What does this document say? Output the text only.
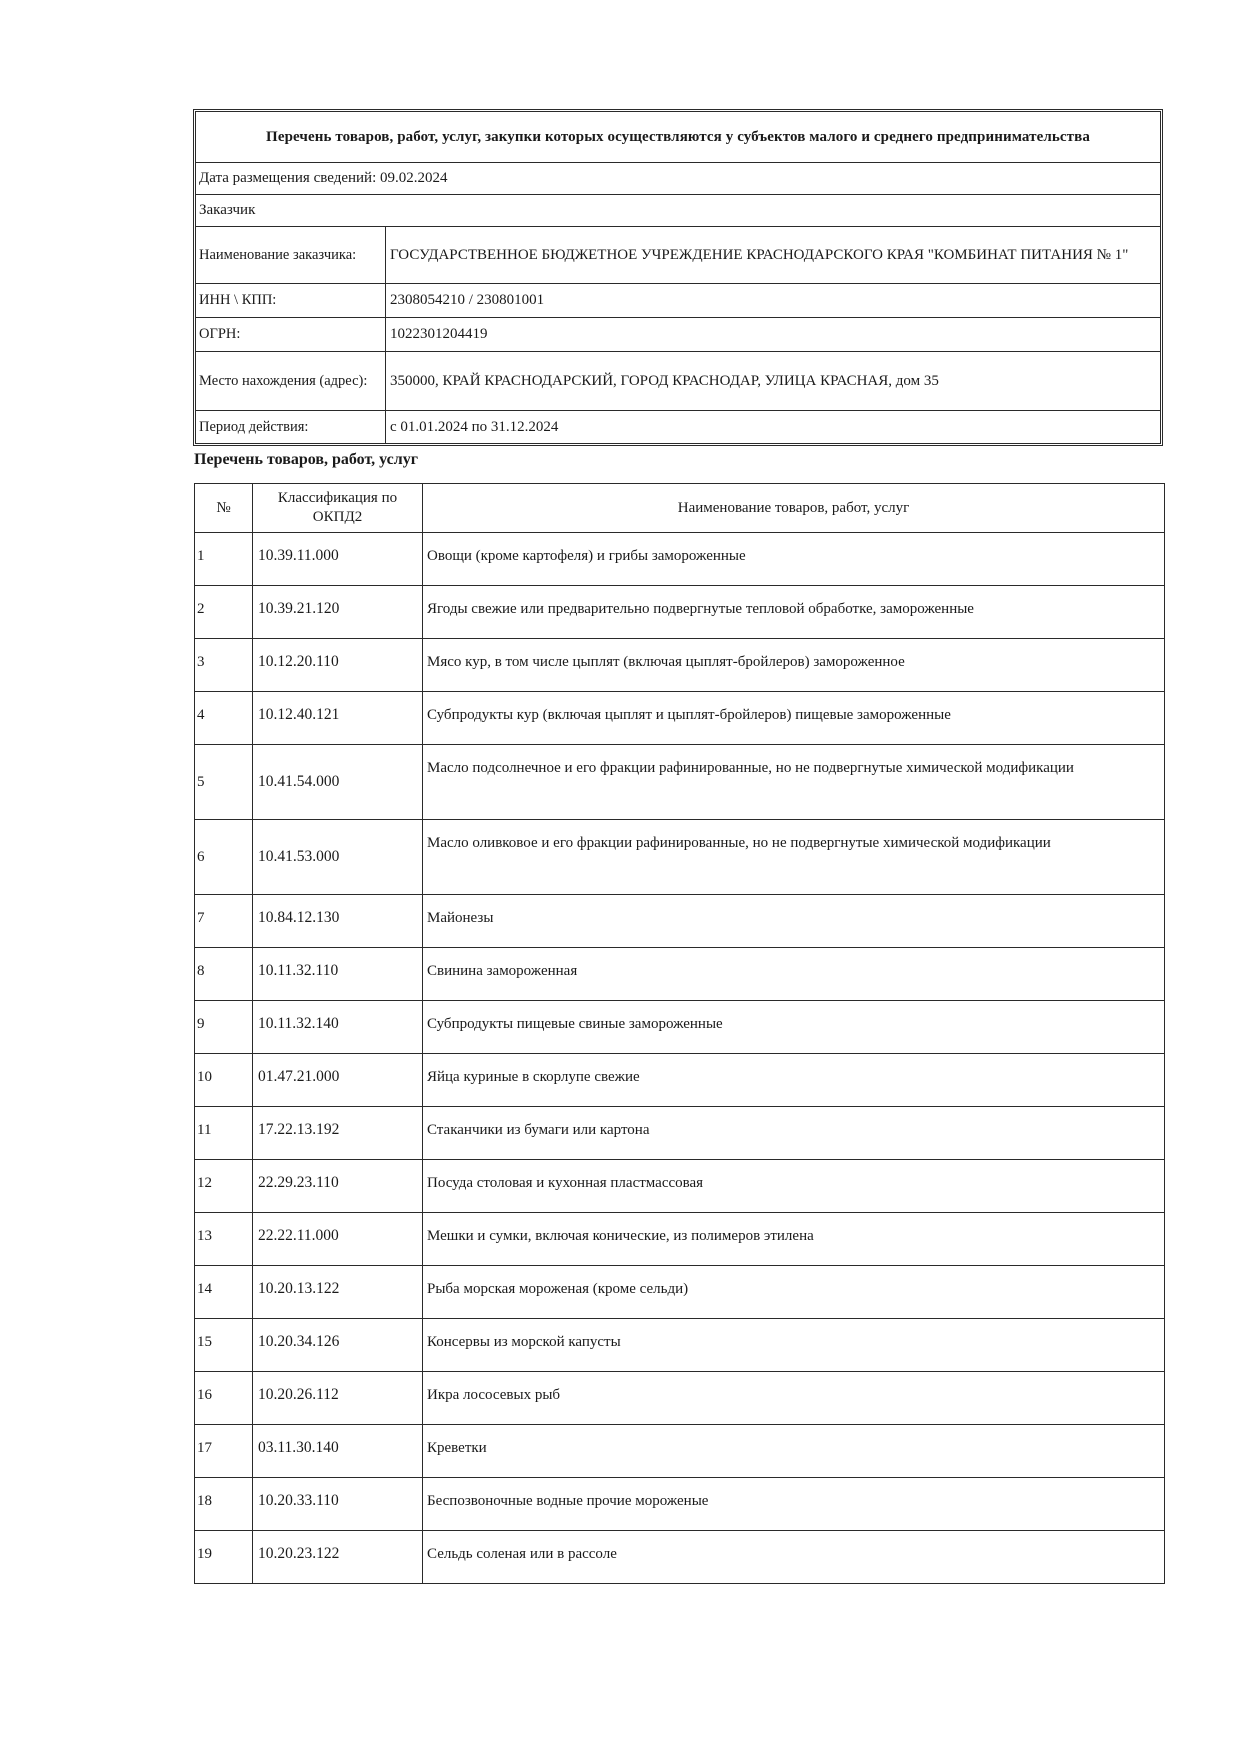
Перечень товаров, работ, услуг, закупки которых осуществляются у субъектов малого и среднего предпринимательства
Дата размещения сведений: 09.02.2024
Заказчик
Наименование заказчика:	ГОСУДАРСТВЕННОЕ БЮДЖЕТНОЕ УЧРЕЖДЕНИЕ КРАСНОДАРСКОГО КРАЯ "КОМБИНАТ ПИТАНИЯ № 1"
ИНН \ КПП:	2308054210 / 230801001
ОГРН:	1022301204419
Место нахождения (адрес):	350000, КРАЙ КРАСНОДАРСКИЙ, ГОРОД КРАСНОДАР, УЛИЦА КРАСНАЯ, дом 35
Период действия:	с 01.01.2024 по 31.12.2024
Перечень товаров, работ, услуг
№	Классификация по ОКПД2	Наименование товаров, работ, услуг
1	10.39.11.000	Овощи (кроме картофеля) и грибы замороженные
2	10.39.21.120	Ягоды свежие или предварительно подвергнутые тепловой обработке, замороженные
3	10.12.20.110	Мясо кур, в том числе цыплят (включая цыплят-бройлеров) замороженное
4	10.12.40.121	Субпродукты кур (включая цыплят и цыплят-бройлеров) пищевые замороженные
5	10.41.54.000	Масло подсолнечное и его фракции рафинированные, но не подвергнутые химической модификации
6	10.41.53.000	Масло оливковое и его фракции рафинированные, но не подвергнутые химической модификации
7	10.84.12.130	Майонезы
8	10.11.32.110	Свинина замороженная
9	10.11.32.140	Субпродукты пищевые свиные замороженные
10	01.47.21.000	Яйца куриные в скорлупе свежие
11	17.22.13.192	Стаканчики из бумаги или картона
12	22.29.23.110	Посуда столовая и кухонная пластмассовая
13	22.22.11.000	Мешки и сумки, включая конические, из полимеров этилена
14	10.20.13.122	Рыба морская мороженая (кроме сельди)
15	10.20.34.126	Консервы из морской капусты
16	10.20.26.112	Икра лососевых рыб
17	03.11.30.140	Креветки
18	10.20.33.110	Беспозвоночные водные прочие мороженые
19	10.20.23.122	Сельдь соленая или в рассоле
